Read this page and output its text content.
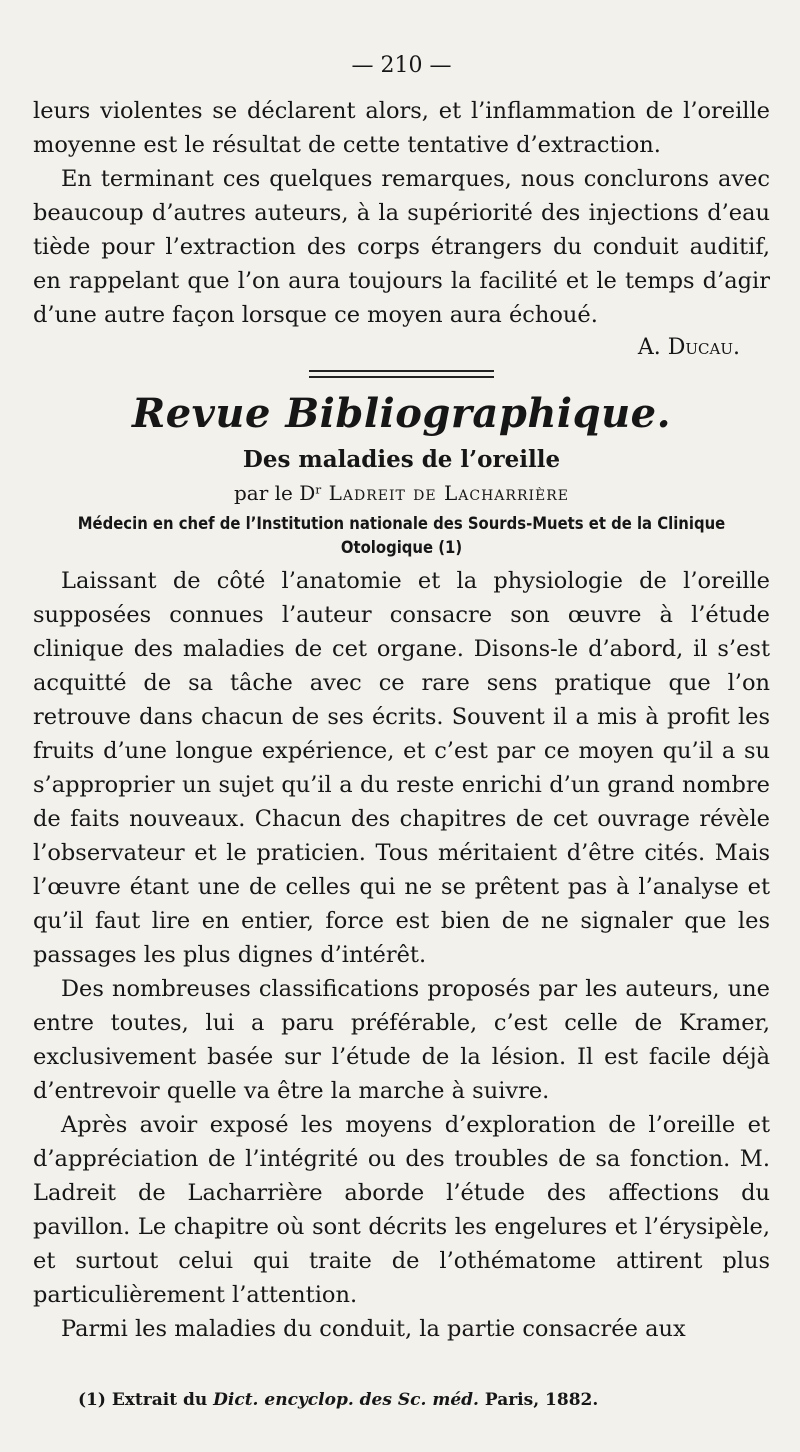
— 210 —

leurs violentes se déclarent alors, et l’inflammation de l’oreille moyenne est le résultat de cette tentative d’extraction.

En terminant ces quelques remarques, nous conclurons avec beaucoup d’autres auteurs, à la supériorité des injections d’eau tiède pour l’extraction des corps étrangers du conduit auditif, en rappelant que l’on aura toujours la facilité et le temps d’agir d’une autre façon lorsque ce moyen aura échoué.

A. Ducau.

Revue Bibliographique.
Des maladies de l’oreille
par le Dʳ Ladreit de Lacharrière
Médecin en chef de l’Institution nationale des Sourds-Muets et de la Clinique Otologique (1)

Laissant de côté l’anatomie et la physiologie de l’oreille supposées connues l’auteur consacre son œuvre à l’étude clinique des maladies de cet organe. Disons-le d’abord, il s’est acquitté de sa tâche avec ce rare sens pratique que l’on retrouve dans chacun de ses écrits. Souvent il a mis à profit les fruits d’une longue expérience, et c’est par ce moyen qu’il a su s’approprier un sujet qu’il a du reste enrichi d’un grand nombre de faits nouveaux. Chacun des chapitres de cet ouvrage révèle l’observateur et le praticien. Tous méritaient d’être cités. Mais l’œuvre étant une de celles qui ne se prêtent pas à l’analyse et qu’il faut lire en entier, force est bien de ne signaler que les passages les plus dignes d’intérêt.

Des nombreuses classifications proposés par les auteurs, une entre toutes, lui a paru préférable, c’est celle de Kramer, exclusivement basée sur l’étude de la lésion. Il est facile déjà d’entrevoir quelle va être la marche à suivre.

Après avoir exposé les moyens d’exploration de l’oreille et d’appréciation de l’intégrité ou des troubles de sa fonction. M. Ladreit de Lacharrière aborde l’étude des affections du pavillon. Le chapitre où sont décrits les engelures et l’érysipèle, et surtout celui qui traite de l’othématome attirent plus particulièrement l’attention.

Parmi les maladies du conduit, la partie consacrée aux

(1) Extrait du Dict. encyclop. des Sc. méd. Paris, 1882.
